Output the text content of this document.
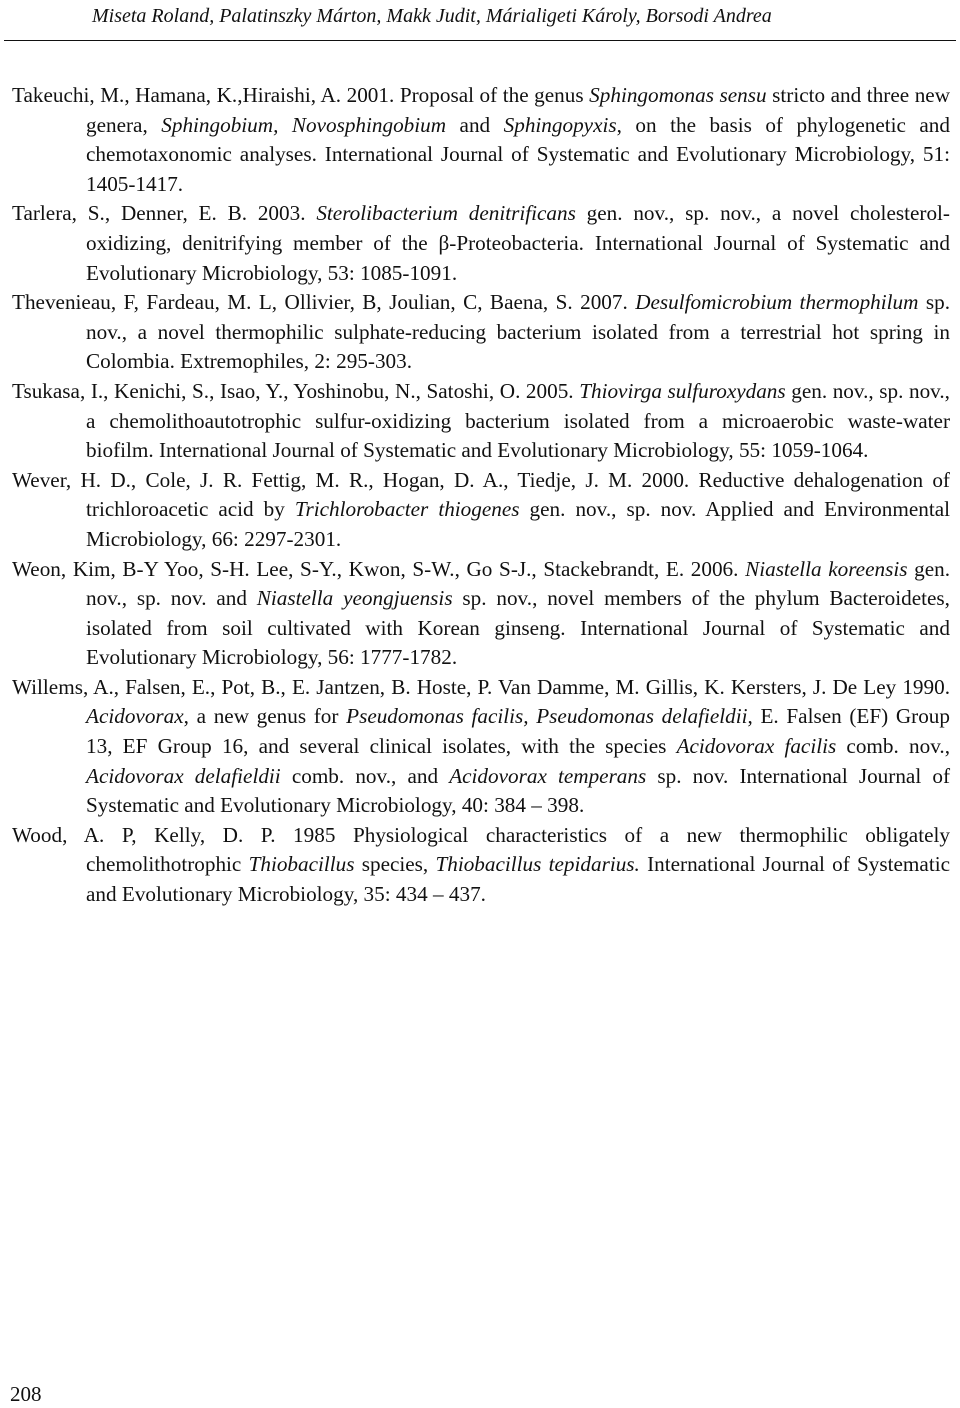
Miseta Roland, Palatinszky Márton, Makk Judit, Márialigeti Károly, Borsodi Andrea
Takeuchi, M., Hamana, K.,Hiraishi, A. 2001. Proposal of the genus Sphingomonas sensu stricto and three new genera, Sphingobium, Novosphingobium and Sphingopyxis, on the basis of phylogenetic and chemotaxonomic analyses. International Journal of Systematic and Evolutionary Microbiology, 51: 1405-1417.
Tarlera, S., Denner, E. B. 2003. Sterolibacterium denitrificans gen. nov., sp. nov., a novel cholesterol-oxidizing, denitrifying member of the β-Proteobacteria. International Journal of Systematic and Evolutionary Microbiology, 53: 1085-1091.
Thevenieau, F, Fardeau, M. L, Ollivier, B, Joulian, C, Baena, S. 2007. Desulfomicrobium thermophilum sp. nov., a novel thermophilic sulphate-reducing bacterium isolated from a terrestrial hot spring in Colombia. Extremophiles, 2: 295-303.
Tsukasa, I., Kenichi, S., Isao, Y., Yoshinobu, N., Satoshi, O. 2005. Thiovirga sulfuroxydans gen. nov., sp. nov., a chemolithoautotrophic sulfur-oxidizing bacterium isolated from a microaerobic waste-water biofilm. International Journal of Systematic and Evolutionary Microbiology, 55: 1059-1064.
Wever, H. D., Cole, J. R. Fettig, M. R., Hogan, D. A., Tiedje, J. M. 2000. Reductive dehalogenation of trichloroacetic acid by Trichlorobacter thiogenes gen. nov., sp. nov. Applied and Environmental Microbiology, 66: 2297-2301.
Weon, Kim, B-Y Yoo, S-H. Lee, S-Y., Kwon, S-W., Go S-J., Stackebrandt, E. 2006. Niastella koreensis gen. nov., sp. nov. and Niastella yeongjuensis sp. nov., novel members of the phylum Bacteroidetes, isolated from soil cultivated with Korean ginseng. International Journal of Systematic and Evolutionary Microbiology, 56: 1777-1782.
Willems, A., Falsen, E., Pot, B., E. Jantzen, B. Hoste, P. Van Damme, M. Gillis, K. Kersters, J. De Ley 1990. Acidovorax, a new genus for Pseudomonas facilis, Pseudomonas delafieldii, E. Falsen (EF) Group 13, EF Group 16, and several clinical isolates, with the species Acidovorax facilis comb. nov., Acidovorax delafieldii comb. nov., and Acidovorax temperans sp. nov. International Journal of Systematic and Evolutionary Microbiology, 40: 384 – 398.
Wood, A. P, Kelly, D. P. 1985 Physiological characteristics of a new thermophilic obligately chemolithotrophic Thiobacillus species, Thiobacillus tepidarius. International Journal of Systematic and Evolutionary Microbiology, 35: 434 – 437.
208
